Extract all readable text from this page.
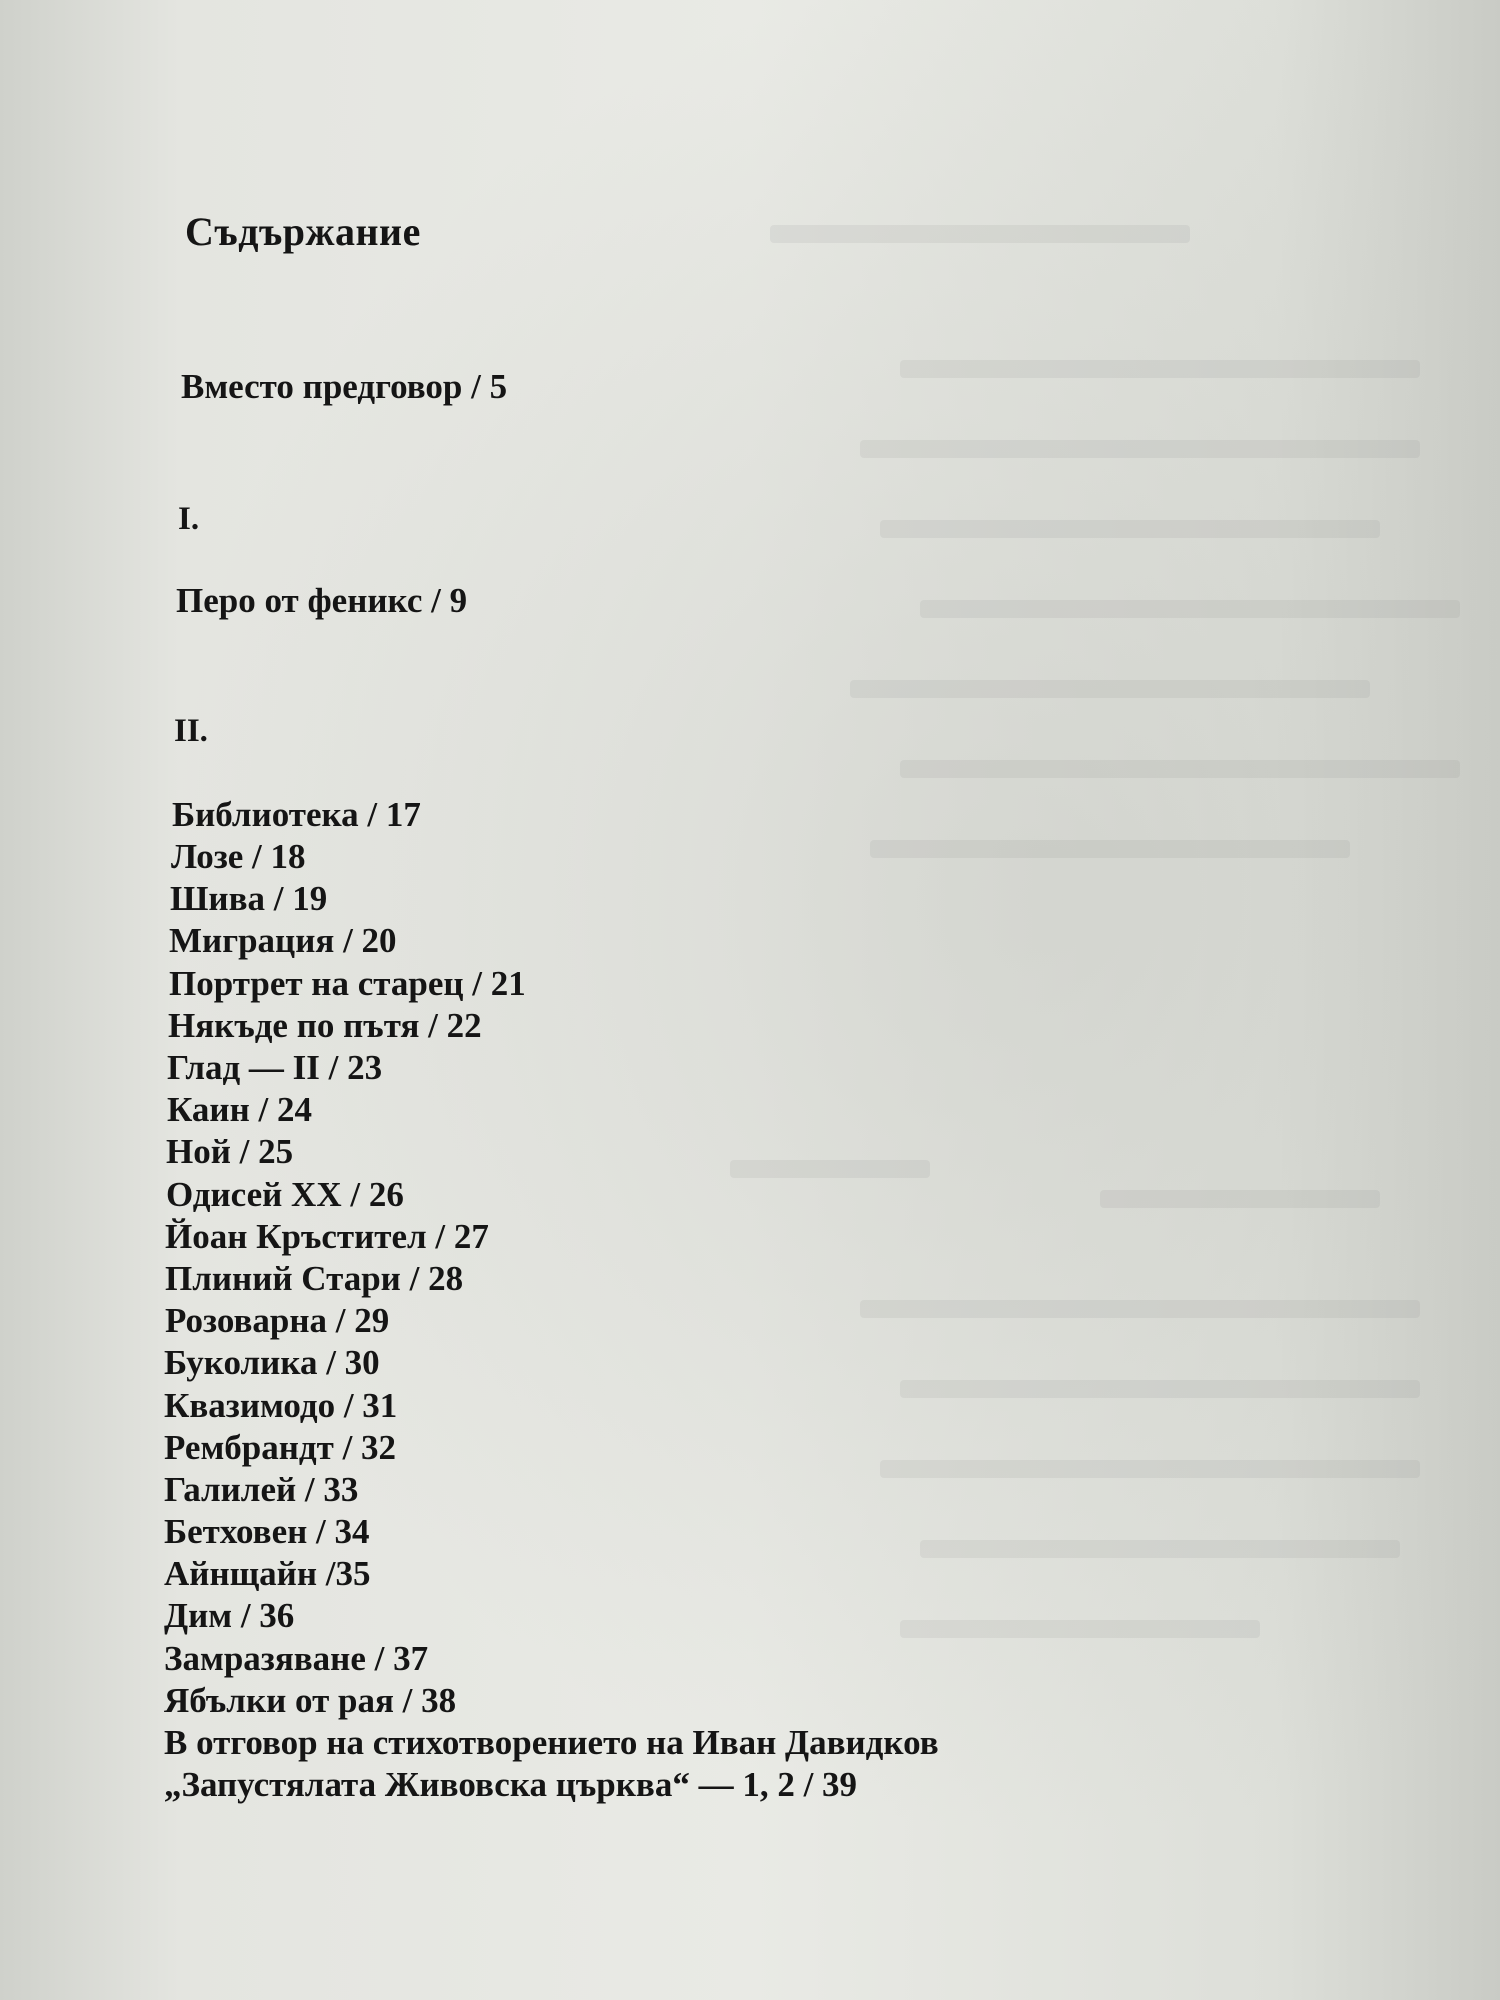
Съдържание
Вместо предговор / 5
I.
Перо от феникс / 9
II.
Библиотека / 17
Лозе / 18
Шива / 19
Миграция / 20
Портрет на старец / 21
Някъде по пътя / 22
Глад — II / 23
Каин / 24
Ной / 25
Одисей XX / 26
Йоан Кръстител / 27
Плиний Стари / 28
Розоварна / 29
Буколика / 30
Квазимодо / 31
Рембрандт / 32
Галилей / 33
Бетховен / 34
Айнщайн /35
Дим / 36
Замразяване / 37
Ябълки от рая / 38
В отговор на стихотворението на Иван Давидков
„Запустялата Живовска църква“ — 1, 2 / 39
